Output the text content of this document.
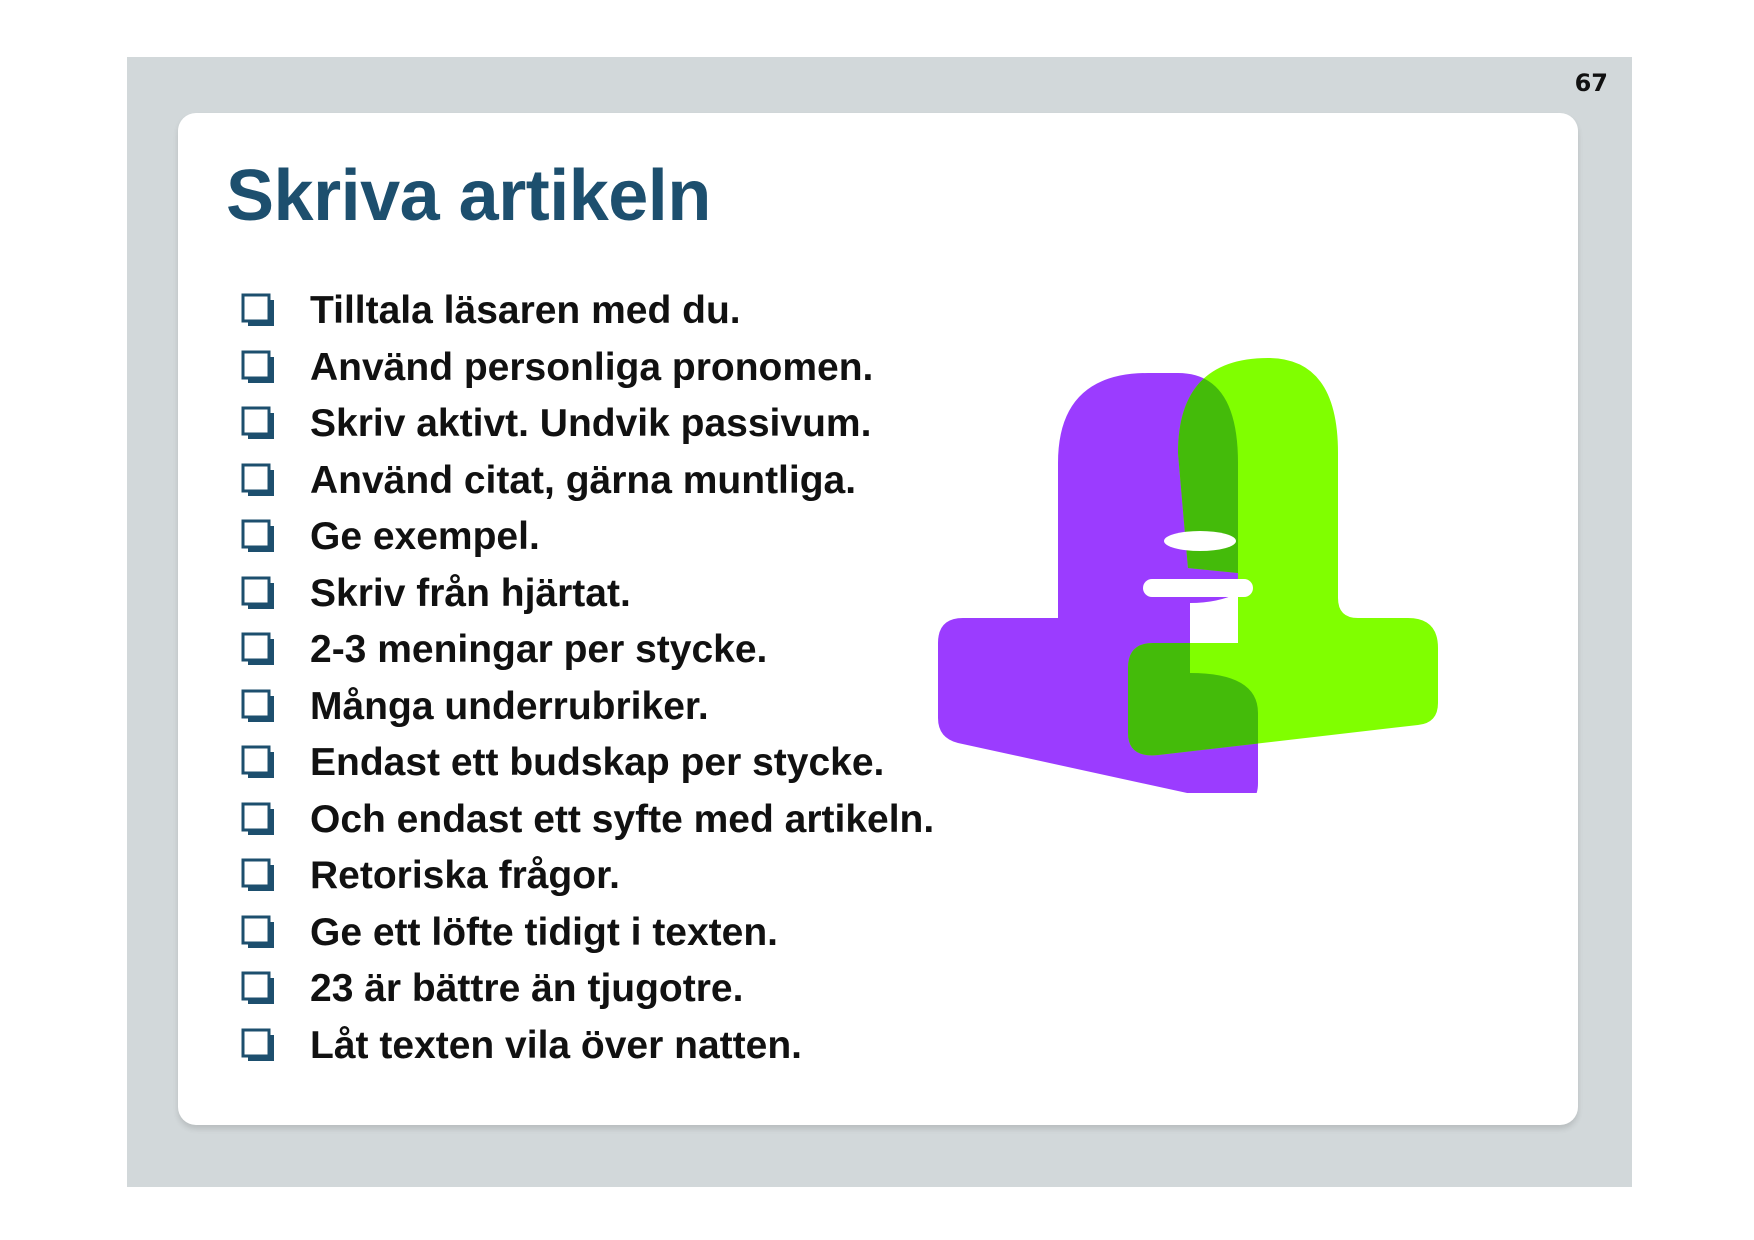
67
Skriva artikeln
Tilltala läsaren med du.
Använd personliga pronomen.
Skriv aktivt. Undvik passivum.
Använd citat, gärna muntliga.
Ge exempel.
Skriv från hjärtat.
2-3 meningar per stycke.
Många underrubriker.
Endast ett budskap per stycke.
Och endast ett syfte med artikeln.
Retoriska frågor.
Ge ett löfte tidigt i texten.
23 är bättre än tjugotre.
Låt texten vila över natten.
